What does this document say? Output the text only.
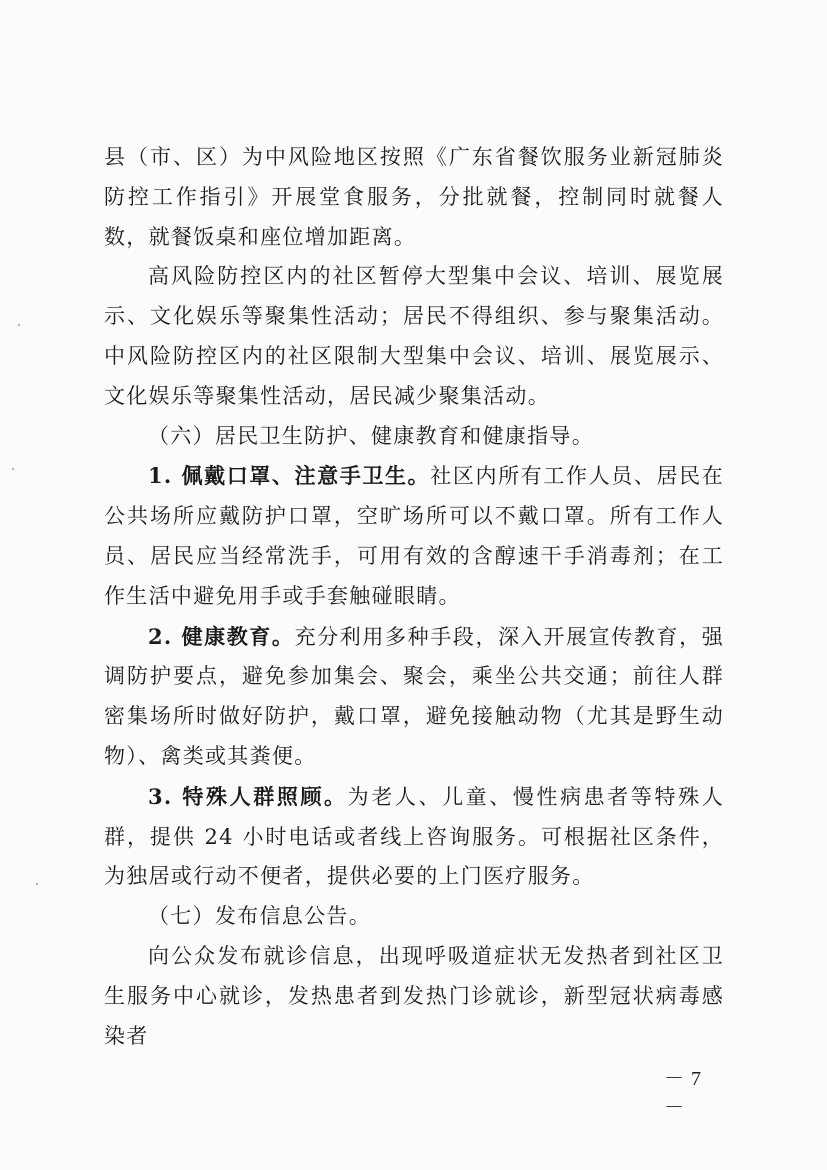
县（市、区）为中风险地区按照《广东省餐饮服务业新冠肺炎防控工作指引》开展堂食服务，分批就餐，控制同时就餐人数，就餐饭桌和座位增加距离。

高风险防控区内的社区暂停大型集中会议、培训、展览展示、文化娱乐等聚集性活动；居民不得组织、参与聚集活动。中风险防控区内的社区限制大型集中会议、培训、展览展示、文化娱乐等聚集性活动，居民减少聚集活动。

（六）居民卫生防护、健康教育和健康指导。

1. 佩戴口罩、注意手卫生。社区内所有工作人员、居民在公共场所应戴防护口罩，空旷场所可以不戴口罩。所有工作人员、居民应当经常洗手，可用有效的含醇速干手消毒剂；在工作生活中避免用手或手套触碰眼睛。

2. 健康教育。充分利用多种手段，深入开展宣传教育，强调防护要点，避免参加集会、聚会，乘坐公共交通；前往人群密集场所时做好防护，戴口罩，避免接触动物（尤其是野生动物）、禽类或其粪便。

3. 特殊人群照顾。为老人、儿童、慢性病患者等特殊人群，提供 24 小时电话或者线上咨询服务。可根据社区条件，为独居或行动不便者，提供必要的上门医疗服务。

（七）发布信息公告。

向公众发布就诊信息，出现呼吸道症状无发热者到社区卫生服务中心就诊，发热患者到发热门诊就诊，新型冠状病毒感染者

－ 7 －
